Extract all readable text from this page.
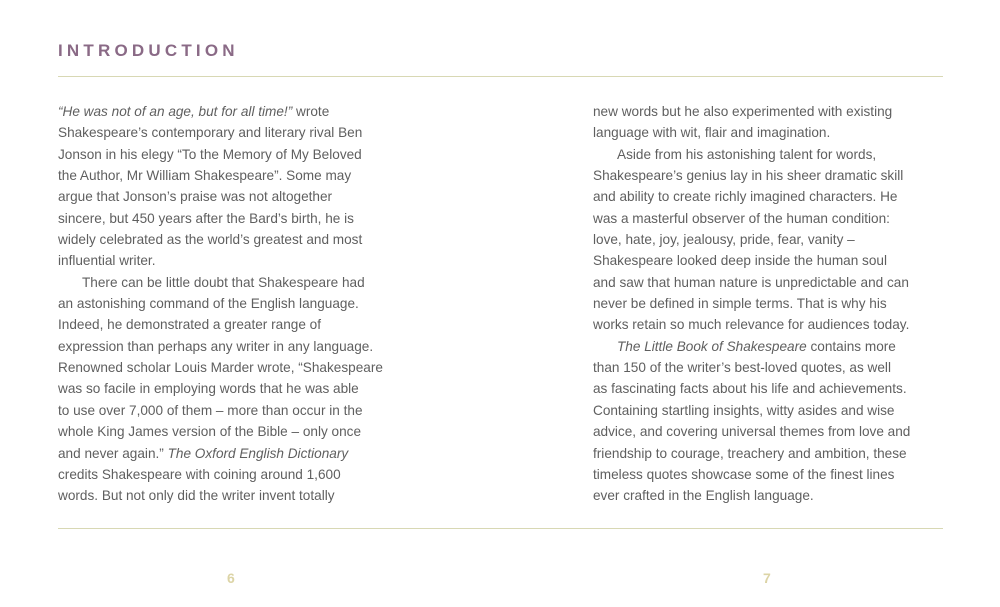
INTRODUCTION
“He was not of an age, but for all time!” wrote
Shakespeare’s contemporary and literary rival Ben
Jonson in his elegy “To the Memory of My Beloved
the Author, Mr William Shakespeare”. Some may
argue that Jonson’s praise was not altogether
sincere, but 450 years after the Bard’s birth, he is
widely celebrated as the world’s greatest and most
influential writer.
There can be little doubt that Shakespeare had
an astonishing command of the English language.
Indeed, he demonstrated a greater range of
expression than perhaps any writer in any language.
Renowned scholar Louis Marder wrote, “Shakespeare
was so facile in employing words that he was able
to use over 7,000 of them – more than occur in the
whole King James version of the Bible – only once
and never again.” The Oxford English Dictionary
credits Shakespeare with coining around 1,600
words. But not only did the writer invent totally
new words but he also experimented with existing
language with wit, flair and imagination.
Aside from his astonishing talent for words,
Shakespeare’s genius lay in his sheer dramatic skill
and ability to create richly imagined characters. He
was a masterful observer of the human condition:
love, hate, joy, jealousy, pride, fear, vanity –
Shakespeare looked deep inside the human soul
and saw that human nature is unpredictable and can
never be defined in simple terms. That is why his
works retain so much relevance for audiences today.
The Little Book of Shakespeare contains more
than 150 of the writer’s best-loved quotes, as well
as fascinating facts about his life and achievements.
Containing startling insights, witty asides and wise
advice, and covering universal themes from love and
friendship to courage, treachery and ambition, these
timeless quotes showcase some of the finest lines
ever crafted in the English language.
6	7
